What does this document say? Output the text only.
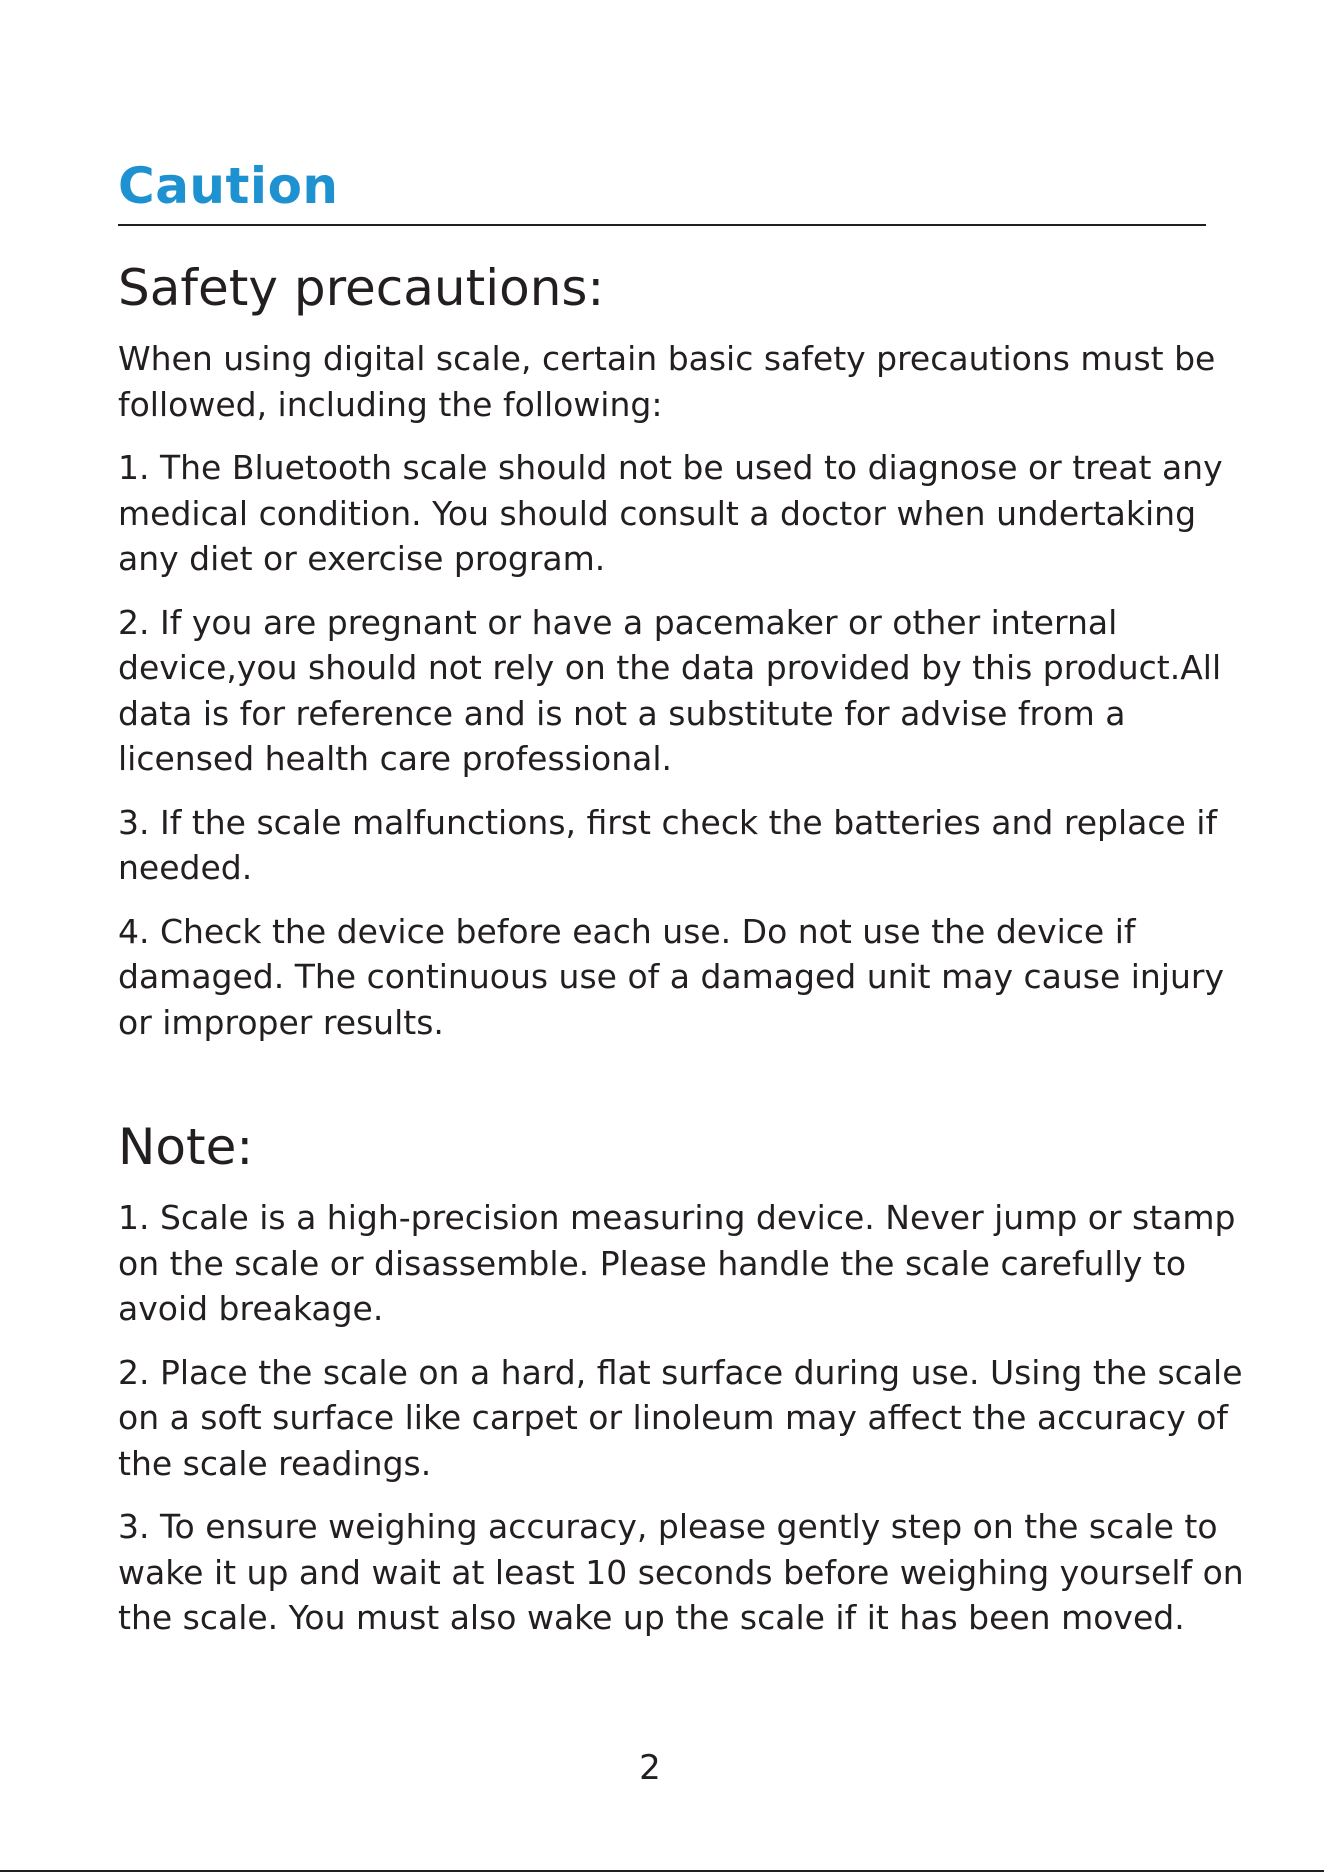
Caution
Safety precautions:

When using digital scale, certain basic safety precautions must be followed, including the following:

1. The Bluetooth scale should not be used to diagnose or treat any medical condition. You should consult a doctor when undertaking any diet or exercise program.

2. If you are pregnant or have a pacemaker or other internal device,you should not rely on the data provided by this product.All data is for reference and is not a substitute for advise from a licensed health care professional.

3. If the scale malfunctions, first check the batteries and replace if needed.

4. Check the device before each use. Do not use the device if damaged. The continuous use of a damaged unit may cause injury or improper results.

Note:

1. Scale is a high-precision measuring device. Never jump or stamp on the scale or disassemble. Please handle the scale carefully to avoid breakage.

2. Place the scale on a hard, flat surface during use. Using the scale on a soft surface like carpet or linoleum may affect the accuracy of the scale readings.

3. To ensure weighing accuracy, please gently step on the scale to wake it up and wait at least 10 seconds before weighing yourself on the scale. You must also wake up the scale if it has been moved.

2
